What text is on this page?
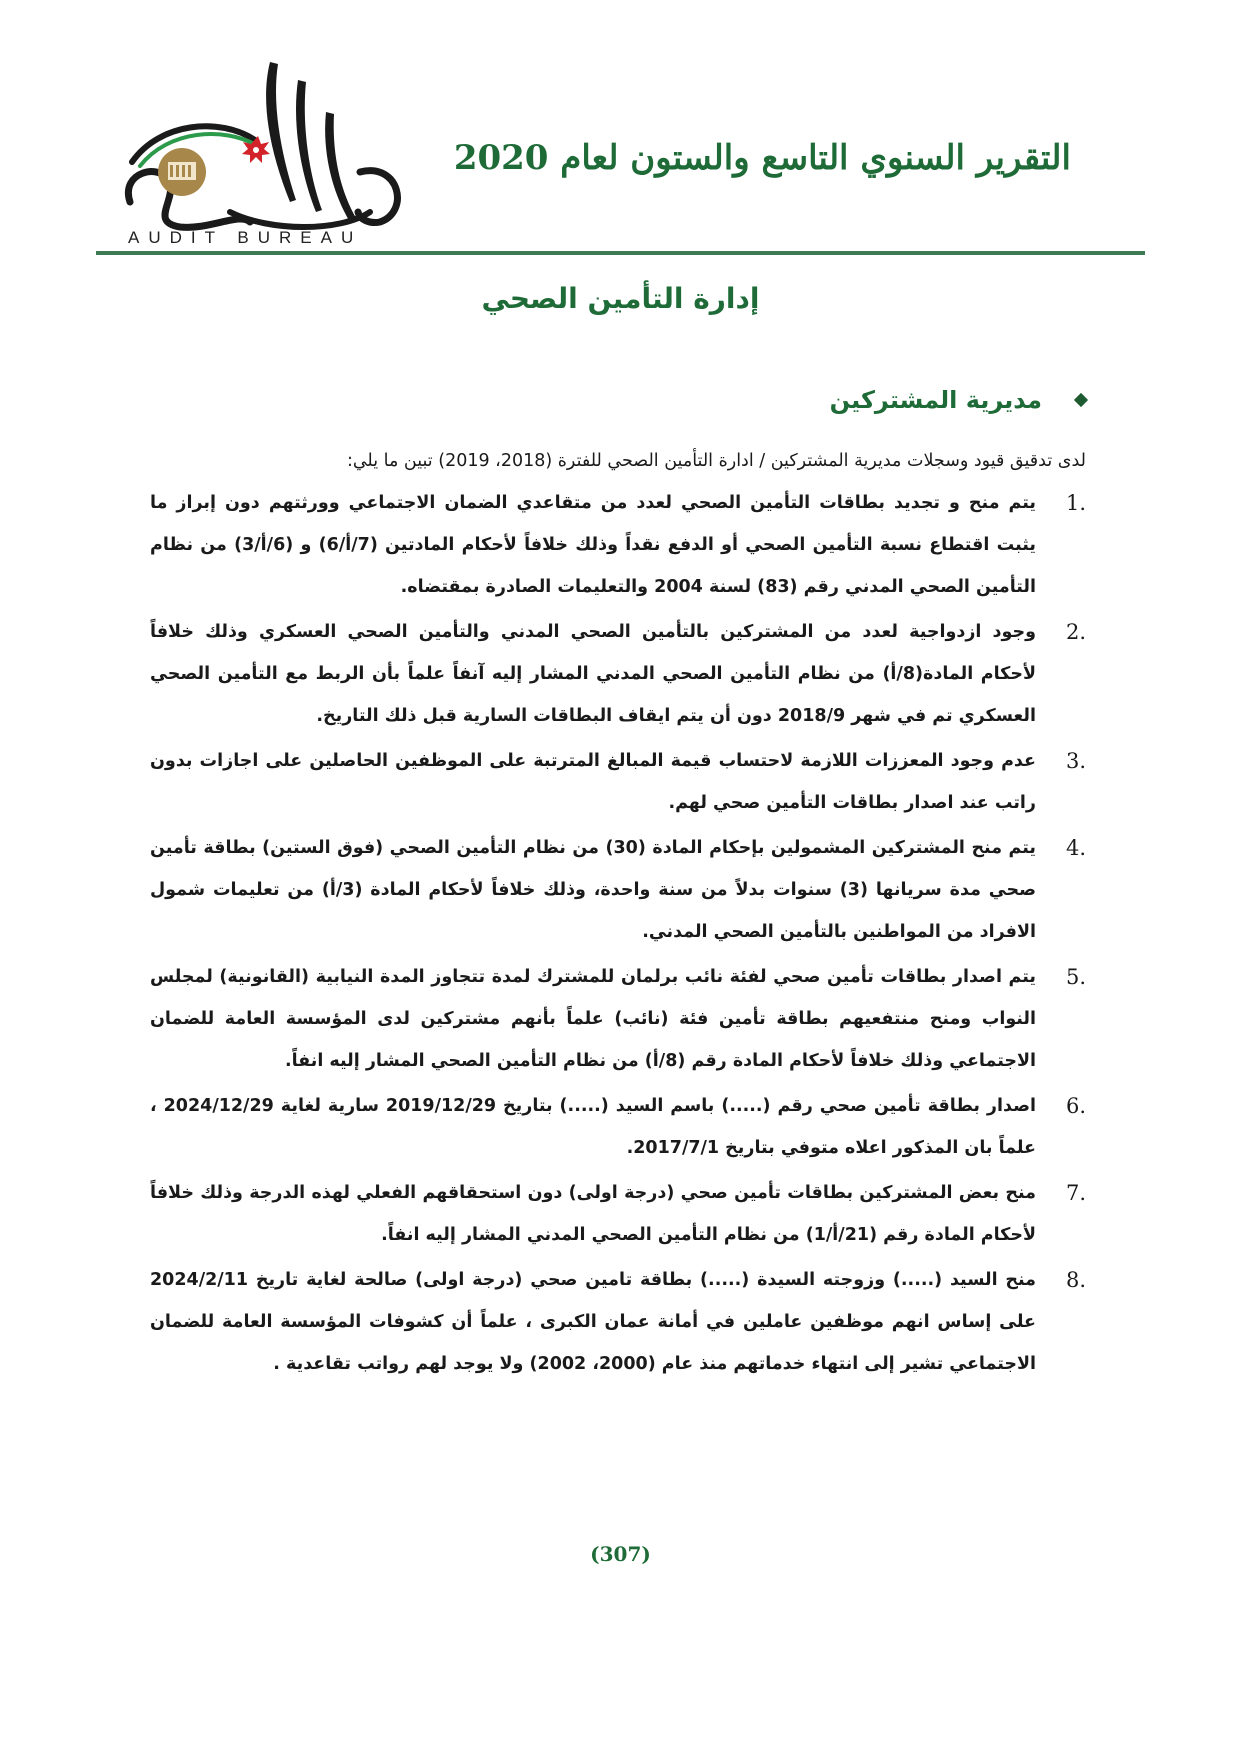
AUDIT BUREAU
التقرير السنوي التاسع والستون لعام 2020
إدارة التأمين الصحي
مديرية المشتركين

لدى تدقيق قيود وسجلات مديرية المشتركين / ادارة التأمين الصحي للفترة (2018، 2019) تبين ما يلي:

1.
يتم منح و تجديد بطاقات التأمين الصحي لعدد من متقاعدي الضمان الاجتماعي وورثتهم دون إبراز ما يثبت اقتطاع نسبة التأمين الصحي أو الدفع نقداً وذلك خلافاً لأحكام المادتين (7/أ/6) و (6/أ/3) من نظام التأمين الصحي المدني رقم (83) لسنة 2004 والتعليمات الصادرة بمقتضاه.
2.
وجود ازدواجية لعدد من المشتركين بالتأمين الصحي المدني والتأمين الصحي العسكري وذلك خلافاً لأحكام المادة(8/أ) من نظام التأمين الصحي المدني المشار إليه آنفاً علماً بأن الربط مع التأمين الصحي العسكري تم في شهر 2018/9 دون أن يتم ايقاف البطاقات السارية قبل ذلك التاريخ.
3.
عدم وجود المعززات اللازمة لاحتساب قيمة المبالغ المترتبة على الموظفين الحاصلين على اجازات بدون راتب عند اصدار بطاقات التأمين صحي لهم.
4.
يتم منح المشتركين المشمولين بإحكام المادة (30) من نظام التأمين الصحي (فوق الستين) بطاقة تأمين صحي مدة سريانها (3) سنوات بدلاً من سنة واحدة، وذلك خلافاً لأحكام المادة (3/أ) من تعليمات شمول الافراد من المواطنين بالتأمين الصحي المدني.
5.
يتم اصدار بطاقات تأمين صحي لفئة نائب برلمان للمشترك لمدة تتجاوز المدة النيابية (القانونية) لمجلس النواب ومنح منتفعيهم بطاقة تأمين فئة (نائب) علماً بأنهم مشتركين لدى المؤسسة العامة للضمان الاجتماعي وذلك خلافاً لأحكام المادة رقم (8/أ) من نظام التأمين الصحي المشار إليه انفاً.
6.
اصدار بطاقة تأمين صحي رقم (.....) باسم السيد (.....) بتاريخ 2019/12/29 سارية لغاية 2024/12/29 ، علماً بان المذكور اعلاه متوفي بتاريخ 2017/7/1.
7.
منح بعض المشتركين بطاقات تأمين صحي (درجة اولى) دون استحقاقهم الفعلي لهذه الدرجة وذلك خلافاً لأحكام المادة رقم (21/أ/1) من نظام التأمين الصحي المدني المشار إليه انفاً.
8.
منح السيد (.....) وزوجته السيدة (.....) بطاقة تامين صحي (درجة اولى) صالحة لغاية تاريخ 2024/2/11 على إساس انهم موظفين عاملين في أمانة عمان الكبرى ، علماً أن كشوفات المؤسسة العامة للضمان الاجتماعي تشير إلى انتهاء خدماتهم منذ عام (2000، 2002) ولا يوجد لهم رواتب تقاعدية .
(307)
